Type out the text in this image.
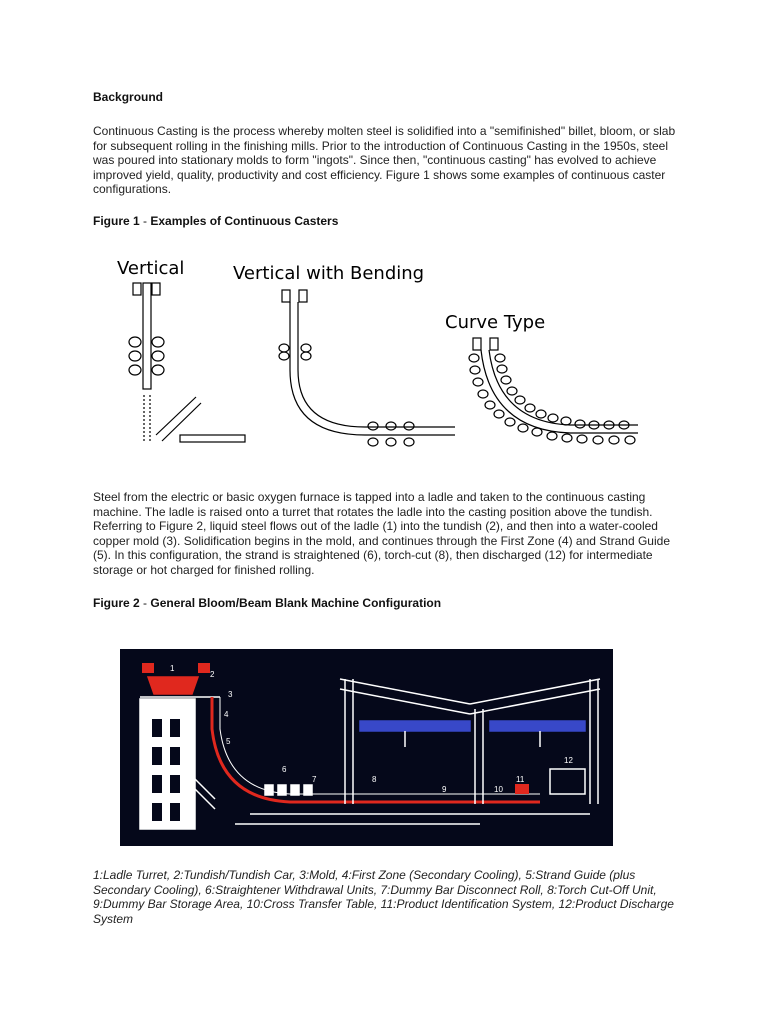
Background
Continuous Casting is the process whereby molten steel is solidified into a "semifinished" billet, bloom, or slab for subsequent rolling in the finishing mills. Prior to the introduction of Continuous Casting in the 1950s, steel was poured into stationary molds to form "ingots". Since then, "continuous casting" has evolved to achieve improved yield, quality, productivity and cost efficiency. Figure 1 shows some examples of continuous caster configurations.
Figure 1 - Examples of Continuous Casters
Vertical	Vertical with Bending
Curve Type
Steel from the electric or basic oxygen furnace is tapped into a ladle and taken to the continuous casting machine. The ladle is raised onto a turret that rotates the ladle into the casting position above the tundish. Referring to Figure 2, liquid steel flows out of the ladle (1) into the tundish (2), and then into a water-cooled copper mold (3). Solidification begins in the mold, and continues through the First Zone (4) and Strand Guide (5). In this configuration, the strand is straightened (6), torch-cut (8), then discharged (12) for intermediate storage or hot charged for finished rolling.
Figure 2 - General Bloom/Beam Blank Machine Configuration
1
2
3
4
5
6
7	8
9	10
11
12
1:Ladle Turret, 2:Tundish/Tundish Car, 3:Mold, 4:First Zone (Secondary Cooling), 5:Strand Guide (plus Secondary Cooling), 6:Straightener Withdrawal Units, 7:Dummy Bar Disconnect Roll, 8:Torch Cut-Off Unit, 9:Dummy Bar Storage Area, 10:Cross Transfer Table, 11:Product Identification System, 12:Product Discharge System
